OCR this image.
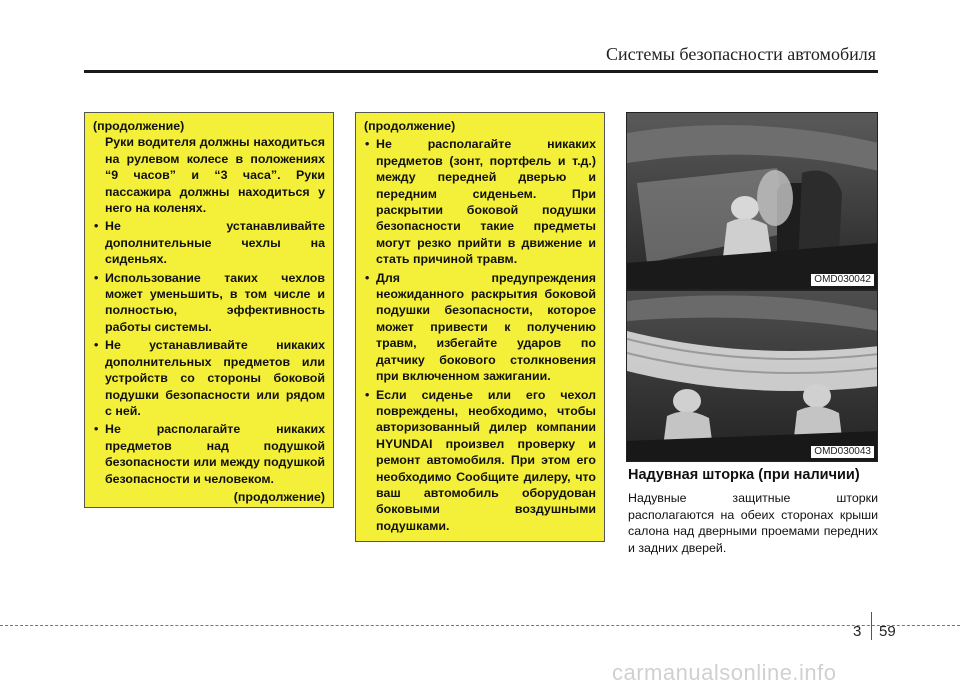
Системы безопасности автомобиля

(продолжение)

Руки водителя должны находиться на рулевом колесе в положениях “9 часов” и “3 часа”. Руки пассажира должны находиться у него на коленях.

• Не устанавливайте дополнительные чехлы на сиденьях.
• Использование таких чехлов может уменьшить, в том числе и полностью, эффективность работы системы.
• Не устанавливайте никаких дополнительных предметов или устройств со стороны боковой подушки безопасности или рядом с ней.
• Не располагайте никаких предметов над подушкой безопасности или между подушкой безопасности и человеком.

(продолжение)

(продолжение)

• Не располагайте никаких предметов (зонт, портфель и т.д.) между передней дверью и передним сиденьем. При раскрытии боковой подушки безопасности такие предметы могут резко прийти в движение и стать причиной травм.
• Для предупреждения неожиданного раскрытия боковой подушки безопасности, которое может привести к получению травм, избегайте ударов по датчику бокового столкновения при включенном зажигании.
• Если сиденье или его чехол повреждены, необходимо, чтобы авторизованный дилер компании HYUNDAI произвел проверку и ремонт автомобиля. При этом его необходимо Сообщите дилеру, что ваш автомобиль оборудован боковыми воздушными подушками.
OMD030042
OMD030043
Надувная шторка (при наличии)
Надувные защитные шторки располагаются на обеих сторонах крыши салона над дверными проемами передних и задних дверей.
3 59
carmanualsonline.info
